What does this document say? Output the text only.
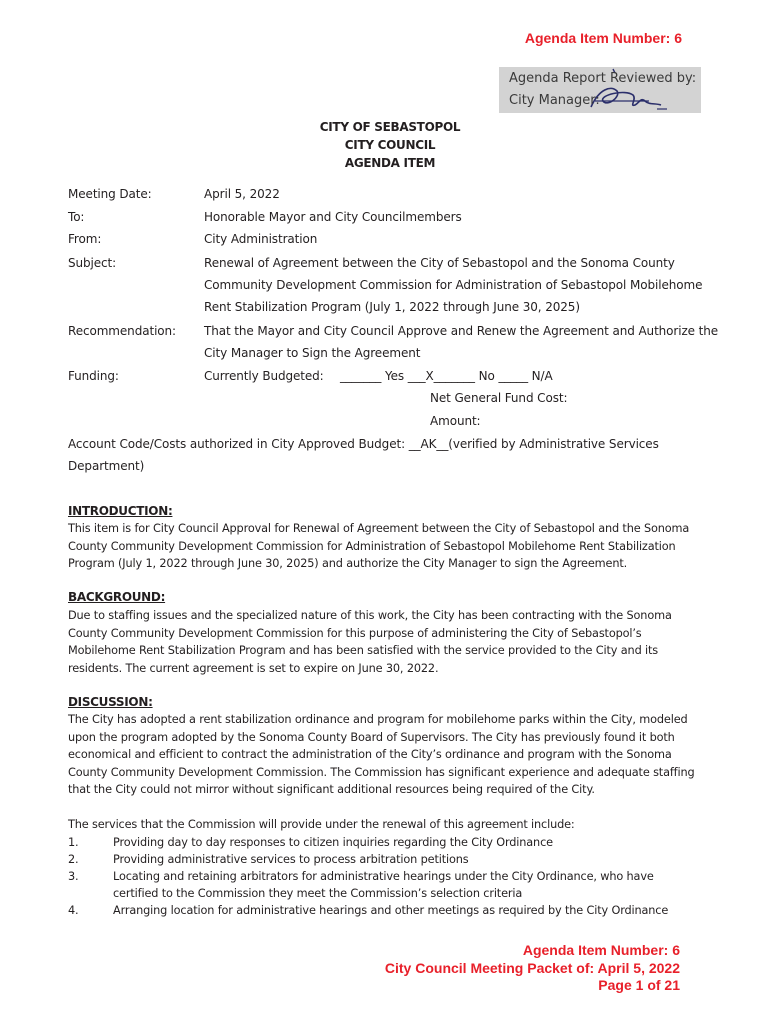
Agenda Item Number: 6
Agenda Report Reviewed by:
City Manager:
CITY OF SEBASTOPOL
CITY COUNCIL
AGENDA ITEM
Meeting Date:	April 5, 2022
To:	Honorable Mayor and City Councilmembers
From:	City Administration
Subject:	Renewal of Agreement between the City of Sebastopol and the Sonoma County
Community Development Commission for Administration of Sebastopol Mobilehome
Rent Stabilization Program (July 1, 2022 through June 30, 2025)
Recommendation: That the Mayor and City Council Approve and Renew the Agreement and Authorize the
City Manager to Sign the Agreement
Funding:	Currently Budgeted: _______ Yes ___X_______ No _____ N/A
Net General Fund Cost:
Amount:
Account Code/Costs authorized in City Approved Budget: __AK__(verified by Administrative Services
Department)
INTRODUCTION:
This item is for City Council Approval for Renewal of Agreement between the City of Sebastopol and the Sonoma
County Community Development Commission for Administration of Sebastopol Mobilehome Rent Stabilization
Program (July 1, 2022 through June 30, 2025) and authorize the City Manager to sign the Agreement.
BACKGROUND:
Due to staffing issues and the specialized nature of this work, the City has been contracting with the Sonoma
County Community Development Commission for this purpose of administering the City of Sebastopol’s
Mobilehome Rent Stabilization Program and has been satisfied with the service provided to the City and its
residents. The current agreement is set to expire on June 30, 2022.
DISCUSSION:
The City has adopted a rent stabilization ordinance and program for mobilehome parks within the City, modeled
upon the program adopted by the Sonoma County Board of Supervisors. The City has previously found it both
economical and efficient to contract the administration of the City’s ordinance and program with the Sonoma
County Community Development Commission. The Commission has significant experience and adequate staffing
that the City could not mirror without significant additional resources being required of the City.
The services that the Commission will provide under the renewal of this agreement include:
1.	Providing day to day responses to citizen inquiries regarding the City Ordinance
2.	Providing administrative services to process arbitration petitions
3.	Locating and retaining arbitrators for administrative hearings under the City Ordinance, who have
certified to the Commission they meet the Commission’s selection criteria
4.	Arranging location for administrative hearings and other meetings as required by the City Ordinance
Agenda Item Number: 6
City Council Meeting Packet of: April 5, 2022
Page 1 of 21
